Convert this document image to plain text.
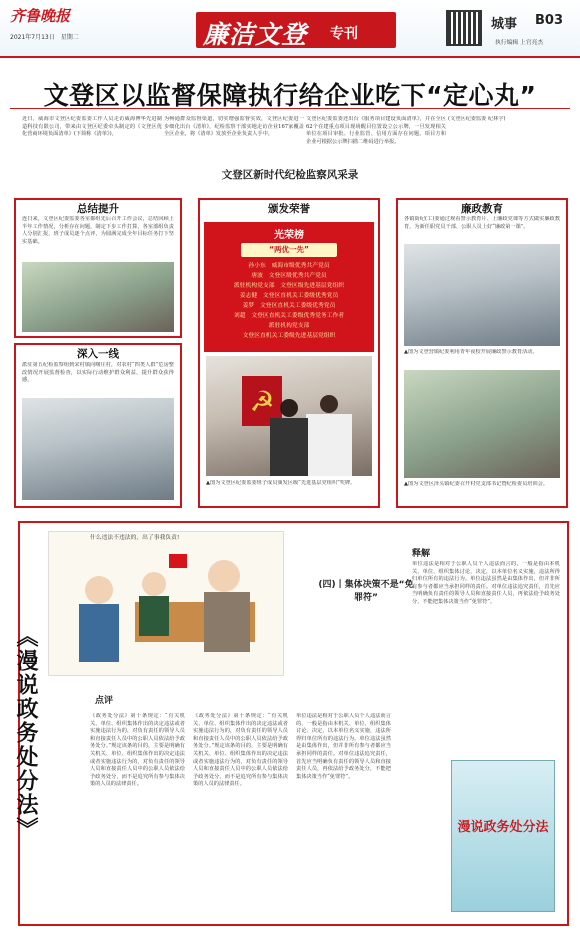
齐鲁晚报
2021年7月13日　星期二	廉洁文登 专刊
城事 B03
执行编辑 上官亮杰
文登区以监督保障执行给企业吃下“定心丸”
近日，威海市文登区纪委监委工作人员走访威海博华先进制造科技有限公司，带来由文登区纪委牵头制定的《文登区优化营商环境负面清单》(下简称《清单》)。
为畅通群众监督渠道，切实增强监督实效，文登区纪委进一步细化出台《清单》，纪检监察干部实地走访企业167家覆盖全区企业，将《清单》发放至企业负责人手中。
文登区纪委监委还出台《服务项目建设负面清单》，并在全区62个在建重点项目现场醒目位置设立公示牌，一旦发现相关单位在项目审批、行业监管、信用方面存在问题，项目方和企业可根据公示牌扫描二维码进行举报。
(文登区纪委监委 纪林宇)
文登区新时代纪检监察风采录
总结提升
连日来，文登区纪委监委各室都组先后召开工作会议，总结回顾上半年工作情况，分析存在问题，制定下步工作打算，各室部组负责人分别汇报，班子成员逐个点评，为圆满完成全年目标任务打下坚实基础。
深入一线
派驻第五纪检监察组到宋村镇向曙庄村，对农村“四类人群”危房整改情况开展监督检查，以实际行动维护群众利益，提升群众获得感。
颁发荣誉
光荣榜
“两优一先”
孙小东　威海市级优秀共产党员
唐波　文登区级优秀共产党员
派驻机构党支部　文登区级先进基层党组织
姜志健　文登区直机关工委级优秀党员
姜梦　文登区直机关工委级优秀党员
刘超　文登区直机关工委级优秀党务工作者
派驻机构党支部
文登区直机关工委级先进基层党组织
☭
▲图为文登区纪委监委班子成员颁发区级“先进基层党组织”奖牌。
廉政教育
各镇街纪(工)委通过观看警示教育片、上廉政党课等方式做实廉政教育。为新任职党员干部、公职人员上好“廉政第一课”。
▲图为文登营镇纪委利用青年夜校开展廉政警示教育活动。
▲图为文登区泽头镇纪委召开村党支部书记暨纪检委员培训会。
《漫说政务处分法》
什么违法不违法的，出了事我负责!
(四)丨集体决策不是“免罪符”
释解
单位违法是相对于公职人员个人违法而言的，一般是指由本机关、单位、组织集体讨论、决定，以本单位名义实施，违法所得归单位所有的违法行为。单位违法虽然是由集体作出，但并非所有参与者都应当承担同样的责任。对单位违法追究责任，首先应当明确负有责任的领导人员和直接责任人员，再依法给予政务处分，不能把集体决策当作“免罪符”。
点评
《政务处分法》第十条规定：“有关机关、单位、组织集体作出的决定违法或者实施违法行为的，对负有责任的领导人员和直接责任人员中的公职人员依法给予政务处分。”规定该条的目的，主要是明确有关机关、单位、组织集体作出的决定违法或者实施违法行为的，对负有责任的领导人员和直接责任人员中的公职人员依法给予政务处分，而不是追究所有参与集体决策的人员的法律责任。
《政务处分法》第十条规定：“有关机关、单位、组织集体作出的决定违法或者实施违法行为的，对负有责任的领导人员和直接责任人员中的公职人员依法给予政务处分。”规定该条的目的，主要是明确有关机关、单位、组织集体作出的决定违法或者实施违法行为的，对负有责任的领导人员和直接责任人员中的公职人员依法给予政务处分，而不是追究所有参与集体决策的人员的法律责任。
单位违法是相对于公职人员个人违法而言的，一般是指由本机关、单位、组织集体讨论、决定，以本单位名义实施，违法所得归单位所有的违法行为。单位违法虽然是由集体作出，但并非所有参与者都应当承担同样的责任。对单位违法追究责任，首先应当明确负有责任的领导人员和直接责任人员，再依法给予政务处分，不能把集体决策当作“免罪符”。
漫说政务处分法
